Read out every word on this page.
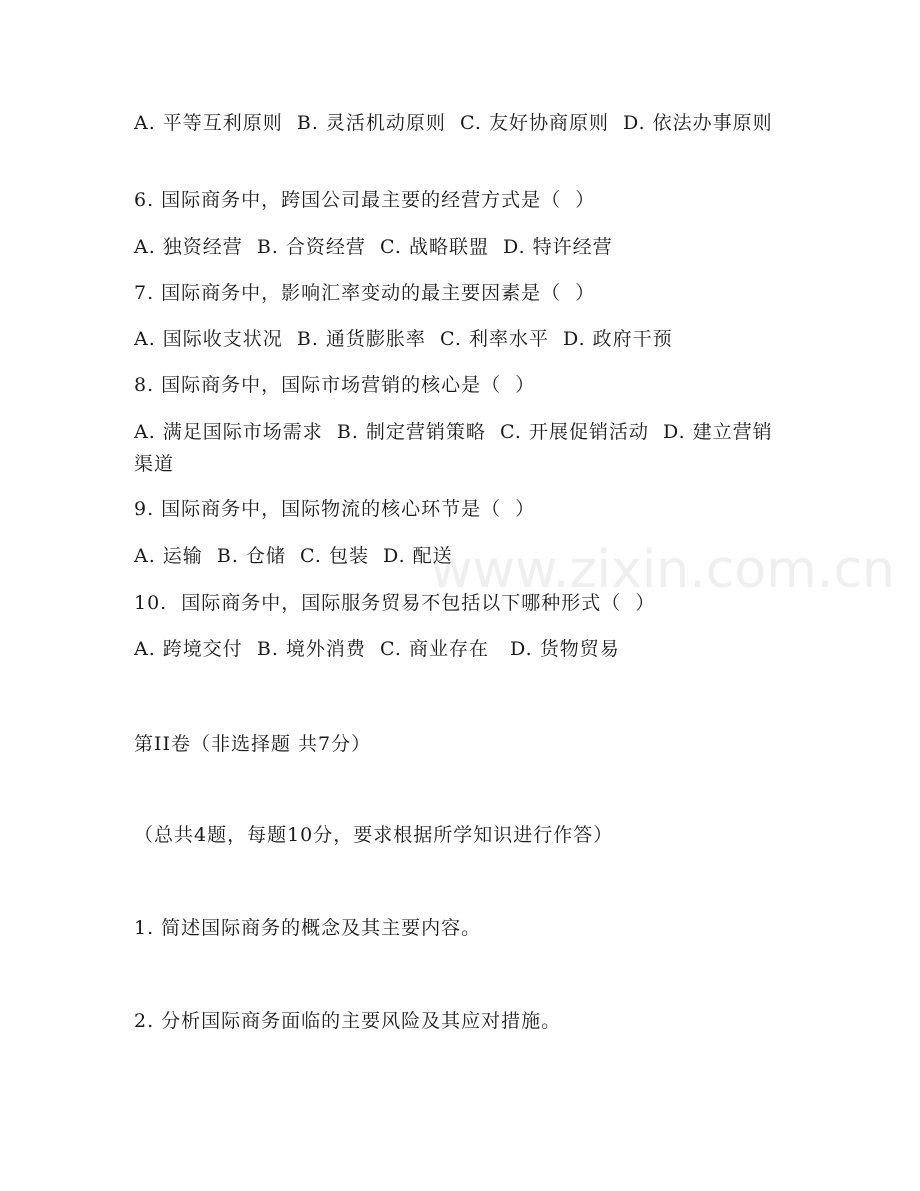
www.zixin.com.cn
A. 平等互利原则  B. 灵活机动原则  C. 友好协商原则  D. 依法办事原则
6. 国际商务中，跨国公司最主要的经营方式是（  ）
A. 独资经营  B. 合资经营  C. 战略联盟  D. 特许经营
7. 国际商务中，影响汇率变动的最主要因素是（  ）
A. 国际收支状况  B. 通货膨胀率  C. 利率水平  D. 政府干预
8. 国际商务中，国际市场营销的核心是（  ）
A. 满足国际市场需求  B. 制定营销策略  C. 开展促销活动  D. 建立营销渠道
9. 国际商务中，国际物流的核心环节是（  ）
A. 运输  B. 仓储  C. 包装  D. 配送
10.  国际商务中，国际服务贸易不包括以下哪种形式（  ）
A. 跨境交付  B. 境外消费  C. 商业存在   D. 货物贸易
第II卷（非选择题 共7分）
（总共4题，每题10分，要求根据所学知识进行作答）
1. 简述国际商务的概念及其主要内容。
2. 分析国际商务面临的主要风险及其应对措施。
